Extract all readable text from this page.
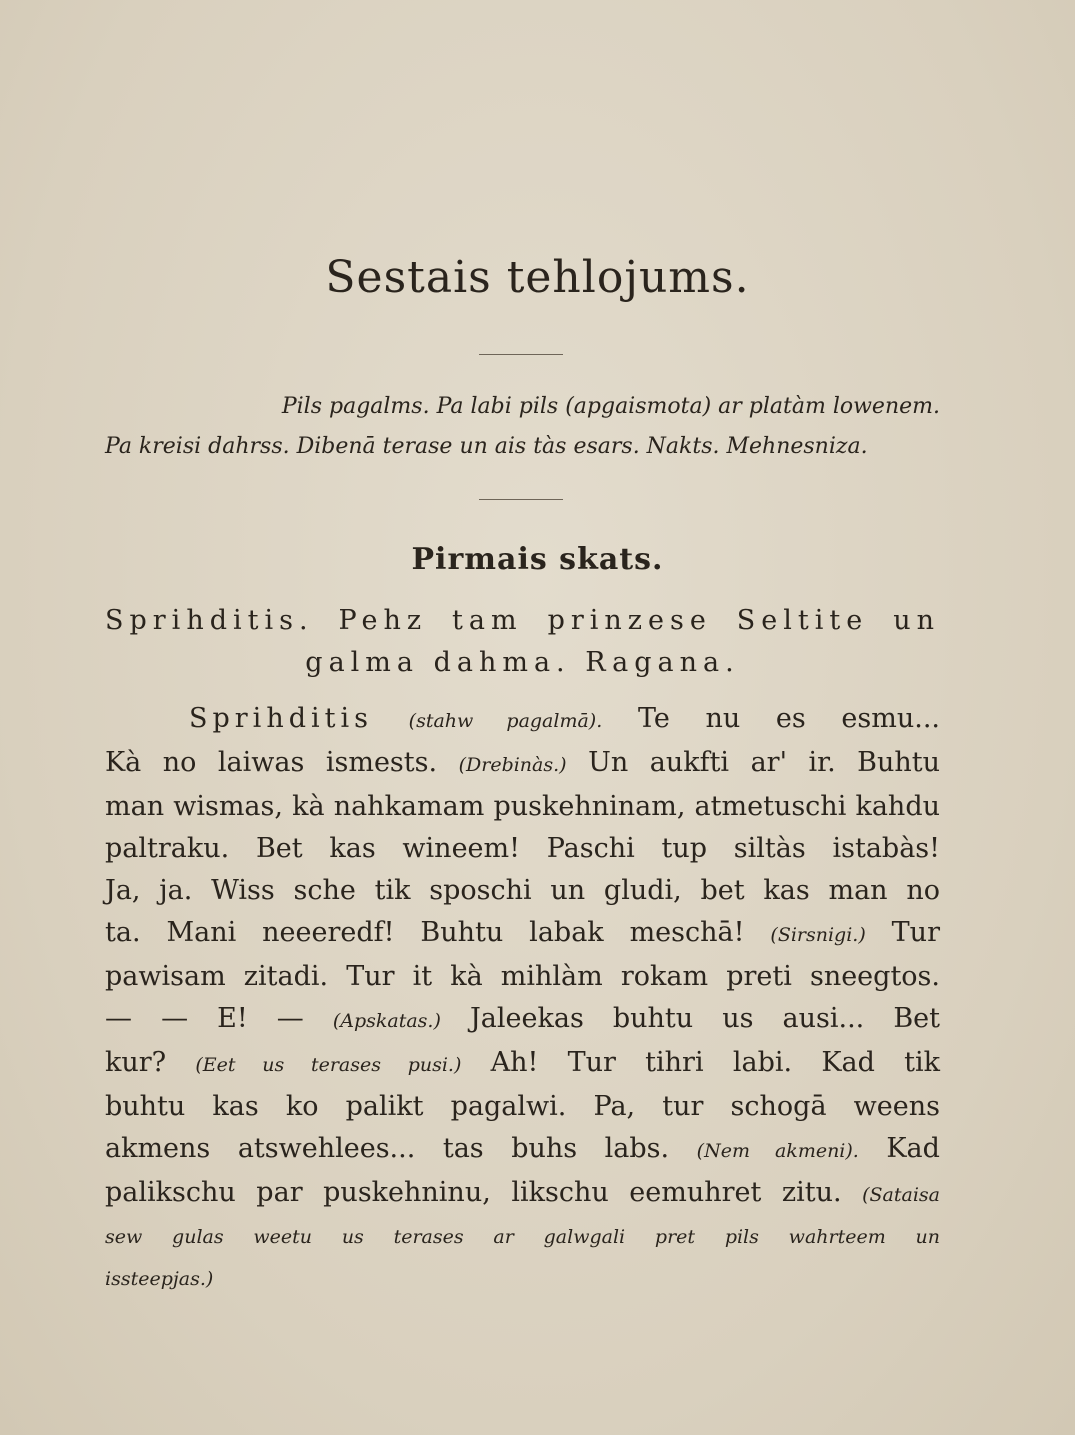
Sestais tehlojums.
Pils pagalms. Pa labi pils (apgaismota) ar platàm lowenem.
Pa kreisi dahrss. Dibenā terase un ais tàs esars. Nakts. Mehnesniza.
Pirmais skats.
Sprihditis. Pehz tam prinzese Seltite un
galma dahma. Ragana.
Sprihditis (stahw pagalmā). Te nu es esmu...
Kà no laiwas ismests. (Drebinàs.) Un aukfti ar' ir. Buhtu
man wismas, kà nahkamam puskehninam, atmetuschi kahdu
paltraku. Bet kas wineem! Paschi tup siltàs istabàs!
Ja, ja. Wiss sche tik sposchi un gludi, bet kas man no
ta. Mani neeeredf! Buhtu labak meschā! (Sirsnigi.) Tur
pawisam zitadi. Tur it kà mihlàm rokam preti sneegtos.
— — E! — (Apskatas.) Jaleekas buhtu us ausi... Bet
kur? (Eet us terases pusi.) Ah! Tur tihri labi. Kad tik
buhtu kas ko palikt pagalwi. Pa, tur schogā weens
akmens atswehlees... tas buhs labs. (Nem akmeni). Kad
palikschu par puskehninu, likschu eemuhret zitu. (Sataisa
sew gulas weetu us terases ar galwgali pret pils wahrteem un
issteepjas.)
